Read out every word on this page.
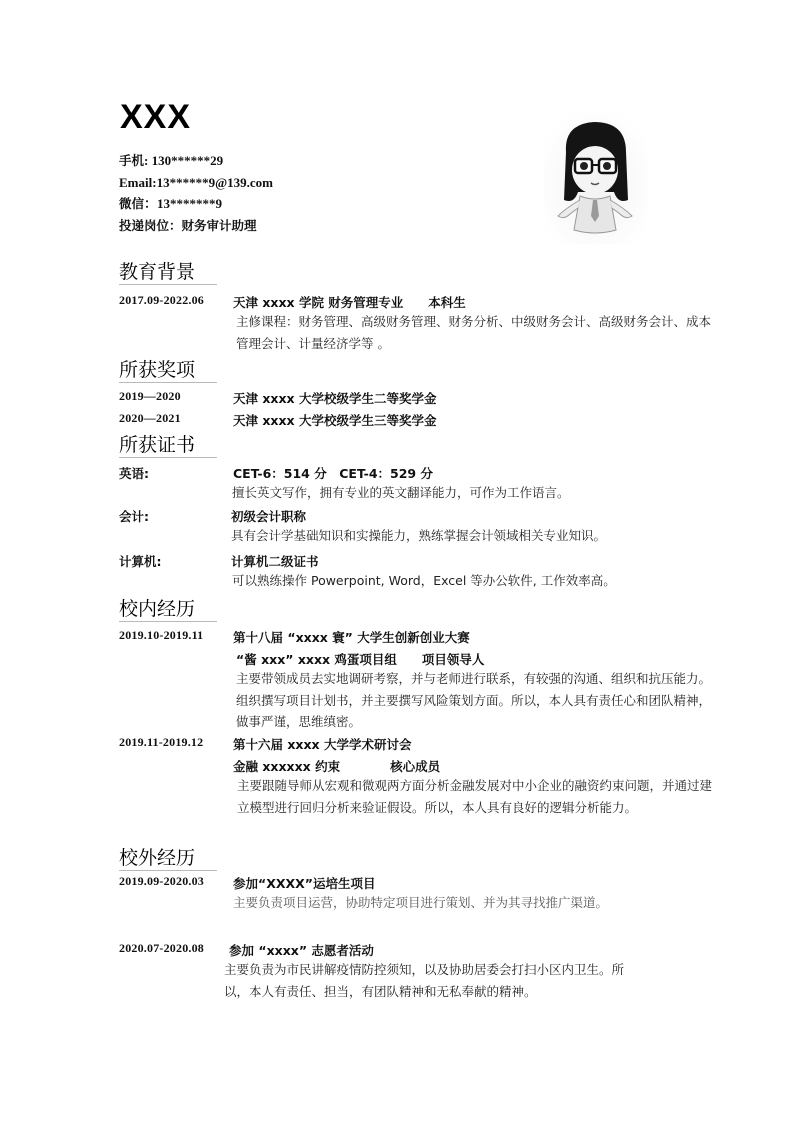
XXX
手机: 130******29
Email:13******9@139.com
微信：13*******9
投递岗位：财务审计助理
教育背景
2017.09-2022.06 天津 xxxx 学院 财务管理专业　　本科生
主修课程：财务管理、高级财务管理、财务分析、中级财务会计、高级财务会计、成本管理会计、计量经济学等 。
所获奖项
2019—2020	天津 xxxx 大学校级学生二等奖学金
2020—2021	天津 xxxx 大学校级学生三等奖学金
所获证书
英语:	CET-6：514 分　CET-4：529 分
擅长英文写作，拥有专业的英文翻译能力，可作为工作语言。
会计:	初级会计职称
具有会计学基础知识和实操能力，熟练掌握会计领域相关专业知识。
计算机:	计算机二级证书
可以熟练操作 Powerpoint, Word，Excel 等办公软件, 工作效率高。
校内经历
2019.10-2019.11 第十八届 “xxxx 寰” 大学生创新创业大赛
“酱 xxx” xxxx 鸡蛋项目组　　项目领导人
主要带领成员去实地调研考察，并与老师进行联系，有较强的沟通、组织和抗压能力。 组织撰写项目计划书，并主要撰写风险策划方面。所以，本人具有责任心和团队精神，做事严谨，思维缜密。
2019.11-2019.12 第十六届 xxxx 大学学术研讨会
金融 xxxxxx 约束　　　　核心成员
主要跟随导师从宏观和微观两方面分析金融发展对中小企业的融资约束问题，并通过建立模型进行回归分析来验证假设。所以，本人具有良好的逻辑分析能力。
校外经历
2019.09-2020.03 参加“XXXX”运培生项目
主要负责项目运营，协助特定项目进行策划、并为其寻找推广渠道。
2020.07-2020.08 参加 “xxxx” 志愿者活动
主要负责为市民讲解疫情防控须知，以及协助居委会打扫小区内卫生。所以，本人有责任、担当，有团队精神和无私奉献的精神。
